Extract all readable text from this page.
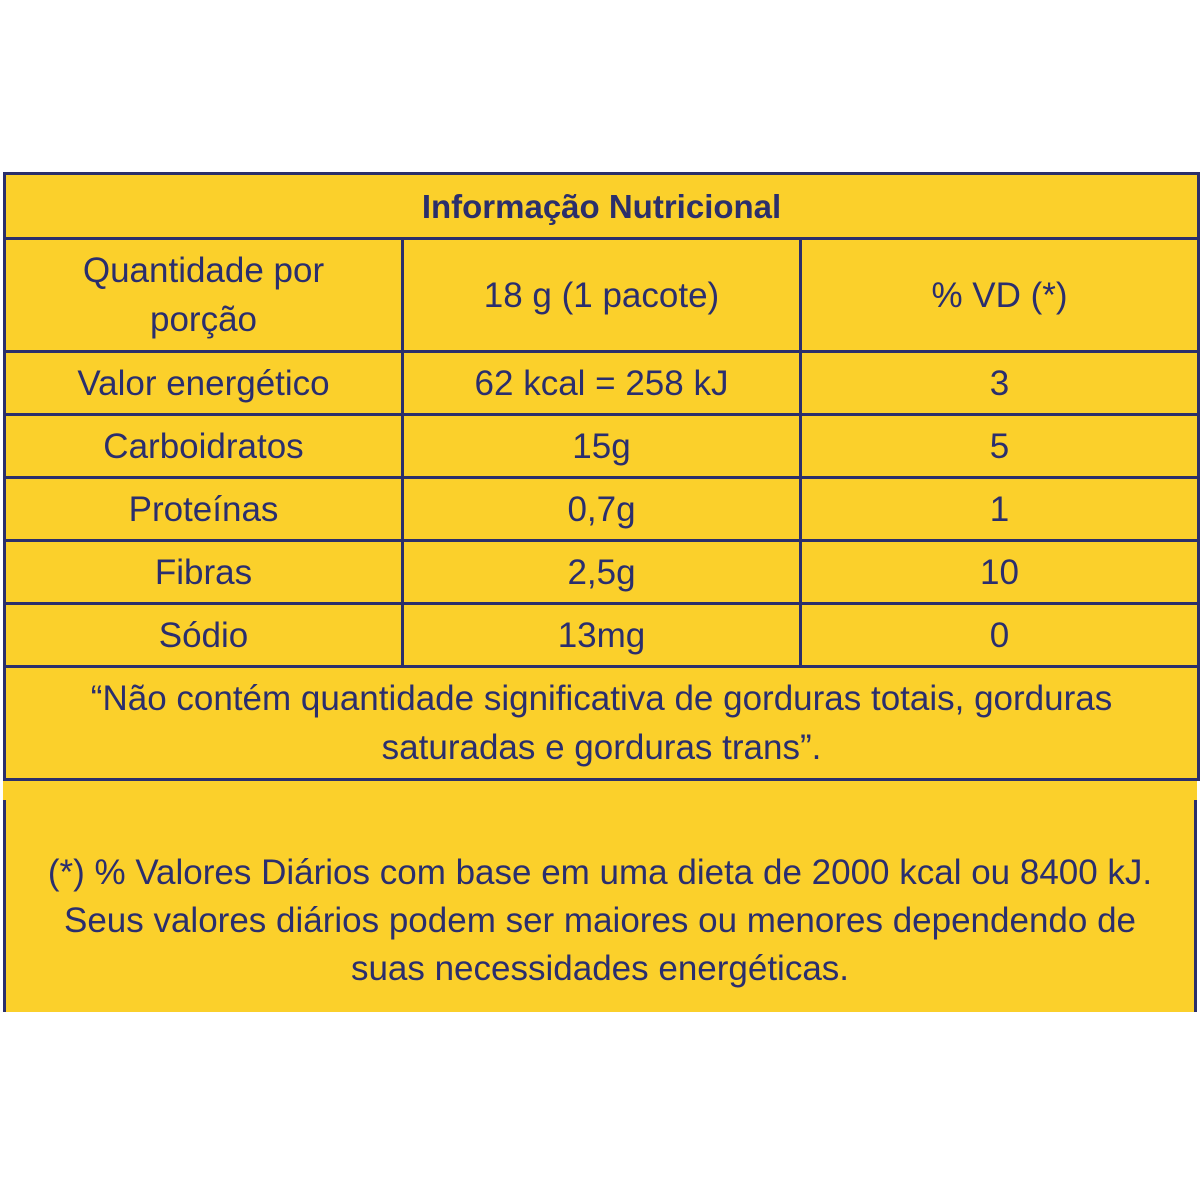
Informação Nutricional		

Quantidade por
porção	18 g (1 pacote)	% VD (*)
Valor energético	62 kcal = 258 kJ	3
Carboidratos	15g	5
Proteínas	0,7g	1
Fibras	2,5g	10
Sódio	13mg	0

“Não contém quantidade significativa de gorduras totais, gorduras
saturadas e gorduras trans”.		
(*) % Valores Diários com base em uma dieta de 2000 kcal ou 8400 kJ.
Seus valores diários podem ser maiores ou menores dependendo de
suas necessidades energéticas.
